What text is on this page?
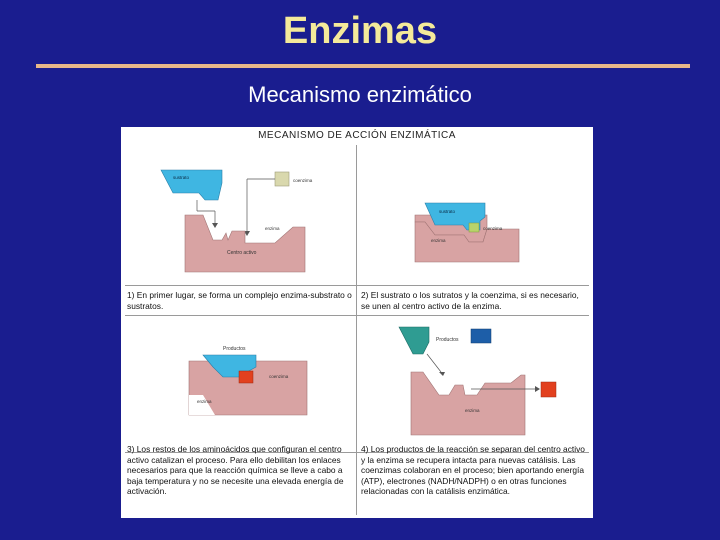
Enzimas
Mecanismo enzimático
MECANISMO DE ACCIÓN ENZIMÁTICA
sustrato
coenzima
enzima
Centro activo

1) En primer lugar, se forma un complejo enzima-substrato o sustratos.

sustrato
coenzima
enzima

2) El sustrato o los sutratos y la coenzima, si es necesario, se unen al centro activo de la enzima.

Productos
coenzima
enzima

3) Los restos de los aminoácidos que configuran el centro activo catalizan el proceso. Para ello debilitan los enlaces necesarios para que la reacción química se lleve a cabo a baja temperatura y no se necesite una elevada energía de activación.

Productos
enzima

4) Los productos de la reacción se separan del centro activo y la enzima se recupera intacta para nuevas catálisis. Las coenzimas colaboran en el proceso; bien aportando energía (ATP), electrones (NADH/NADPH) o en otras funciones relacionadas con la catálisis enzimática.
